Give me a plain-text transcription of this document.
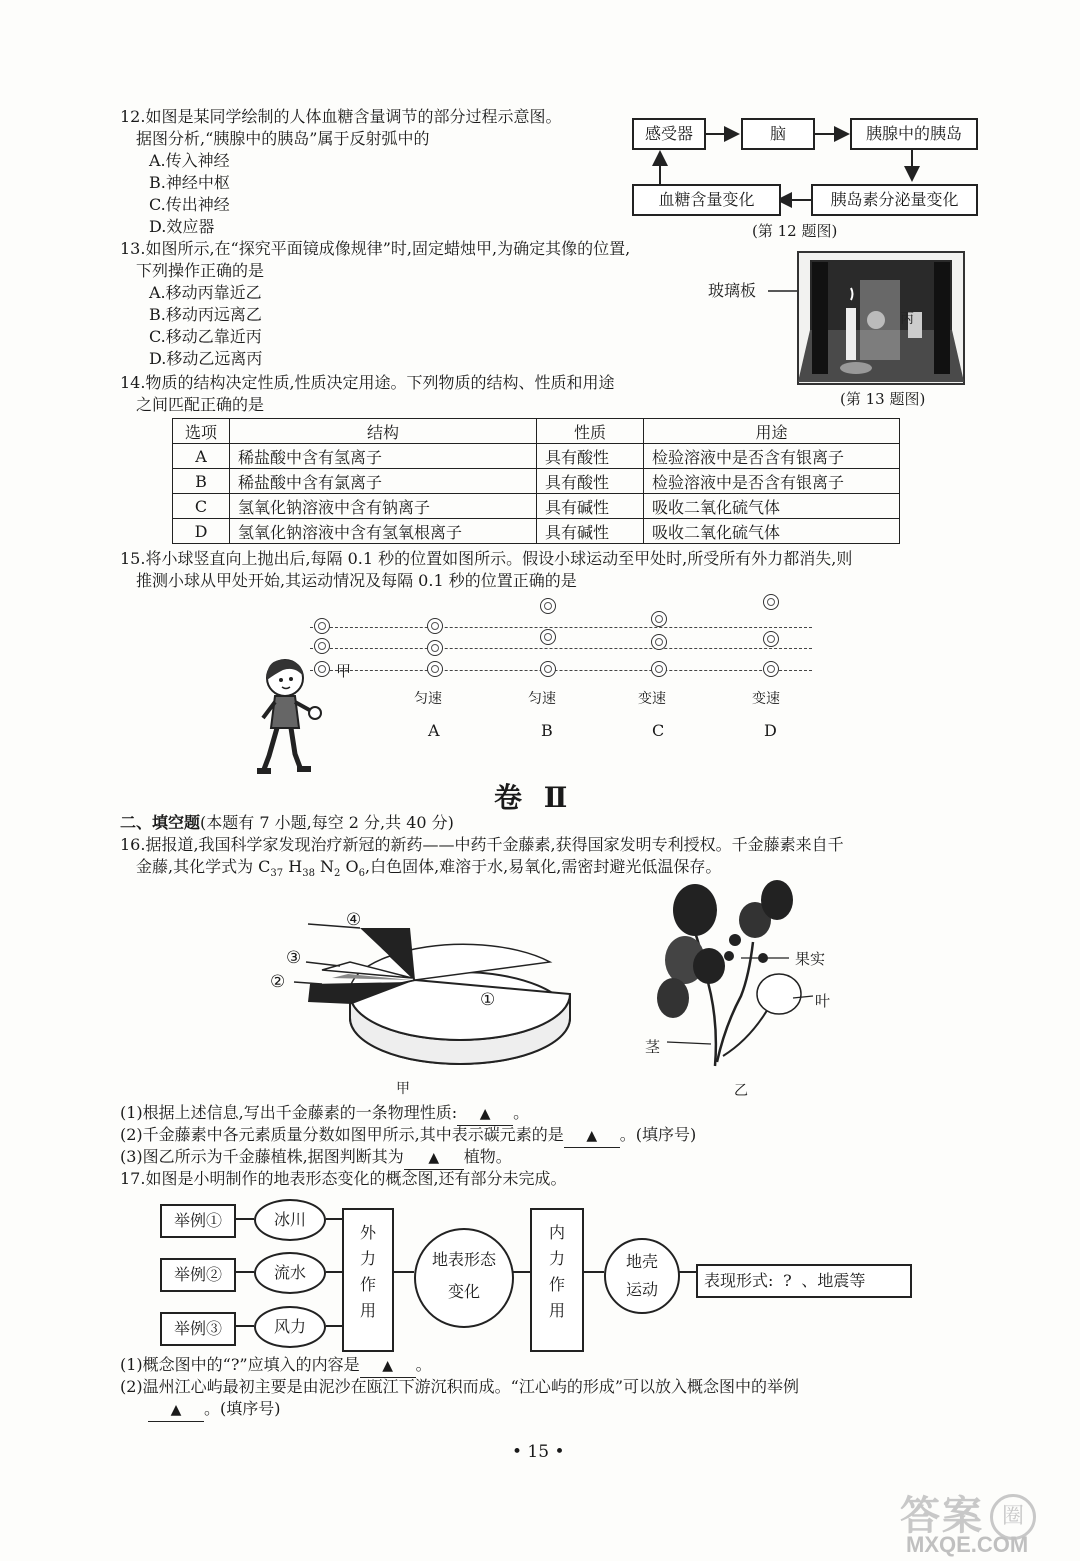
12.如图是某同学绘制的人体血糖含量调节的部分过程示意图。
据图分析,“胰腺中的胰岛”属于反射弧中的
A.传入神经
B.神经中枢
C.传出神经
D.效应器
感受器	脑	胰腺中的胰岛
胰岛素分泌量变化
血糖含量变化
(第 12 题图)
13.如图所示,在“探究平面镜成像规律”时,固定蜡烛甲,为确定其像的位置,
下列操作正确的是
A.移动丙靠近乙
B.移动丙远离乙
C.移动乙靠近丙
D.移动乙远离丙
玻璃板
丙
(第 13 题图)
14.物质的结构决定性质,性质决定用途。下列物质的结构、性质和用途
之间匹配正确的是
选项	结构	性质	用途
A	稀盐酸中含有氢离子	具有酸性	检验溶液中是否含有银离子
B	稀盐酸中含有氯离子	具有酸性	检验溶液中是否含有银离子
C	氢氧化钠溶液中含有钠离子	具有碱性	吸收二氧化硫气体
D	氢氧化钠溶液中含有氢氧根离子	具有碱性	吸收二氧化硫气体
15.将小球竖直向上抛出后,每隔 0.1 秒的位置如图所示。假设小球运动至甲处时,所受所有外力都消失,则
推测小球从甲处开始,其运动情况及每隔 0.1 秒的位置正确的是
甲
匀速	匀速	变速	变速
A	B	C	D
卷 Ⅱ
二、填空题(本题有 7 小题,每空 2 分,共 40 分)
16.据报道,我国科学家发现治疗新冠的新药——中药千金藤素,获得国家发明专利授权。千金藤素来自千
金藤,其化学式为 $C_{37}$ $H_{38}$ $N_2$ $O_6$,白色固体,难溶于水,易氧化,需密封避光低温保存。
④
③
②
①
甲
果实
叶
茎
乙
(1)根据上述信息,写出千金藤素的一条物理性质: ▲ 。
(2)千金藤素中各元素质量分数如图甲所示,其中表示碳元素的是 ▲ 。(填序号)
(3)图乙所示为千金藤植株,据图判断其为 ▲ 植物。
17.如图是小明制作的地表形态变化的概念图,还有部分未完成。
举例①
举例②
举例③
冰川
流水
风力
外力作用
地表形态变化
内力作用
地壳运动	表现形式: ? 、地震等
(1)概念图中的“?”应填入的内容是 ▲ 。
(2)温州江心屿最初主要是由泥沙在瓯江下游沉积而成。“江心屿的形成”可以放入概念图中的举例
▲ 。(填序号)
• 15 •
答案 圈
MXQE.COM
